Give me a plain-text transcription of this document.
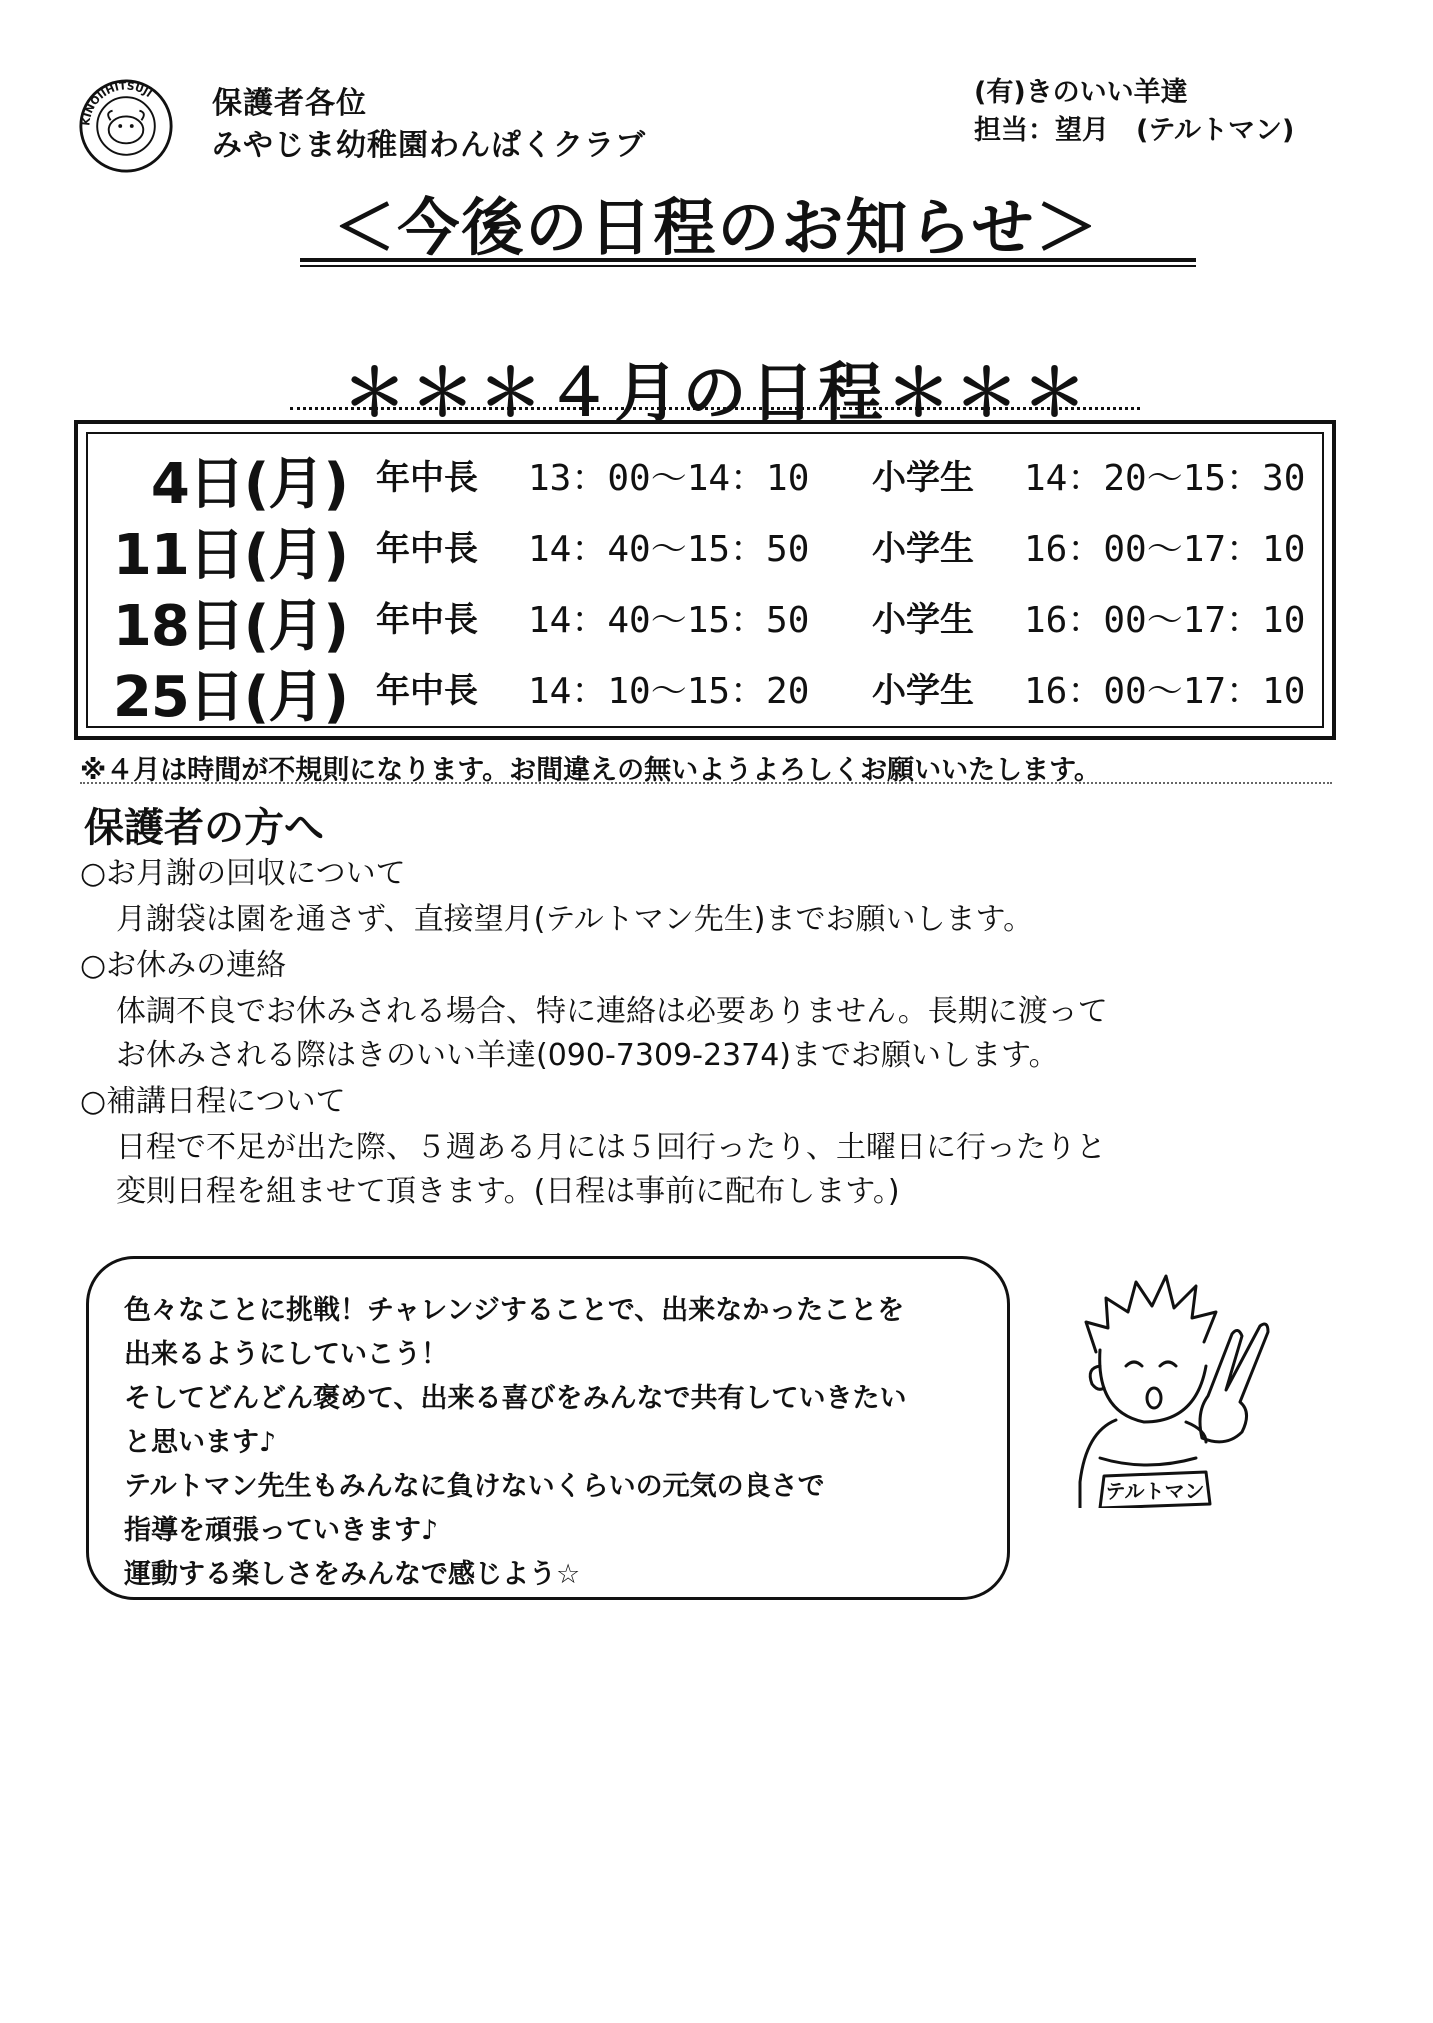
KINOIIHITSUJI 保護者各位
みやじま幼稚園わんぱくクラブ
(有)きのいい羊達
担当：望月　(テルトマン)
＜今後の日程のお知らせ＞
＊＊＊４月の日程＊＊＊
4日(月) 年中長 13：00～14：10 小学生 14：20～15：30
11日(月) 年中長 14：40～15：50 小学生 16：00～17：10
18日(月) 年中長 14：40～15：50 小学生 16：00～17：10
25日(月) 年中長 14：10～15：20 小学生 16：00～17：10
※４月は時間が不規則になります。お間違えの無いようよろしくお願いいたします。
保護者の方へ
○お月謝の回収について
月謝袋は園を通さず、直接望月(テルトマン先生)までお願いします。
○お休みの連絡
体調不良でお休みされる場合、特に連絡は必要ありません。長期に渡って
お休みされる際はきのいい羊達(090-7309-2374)までお願いします。
○補講日程について
日程で不足が出た際、５週ある月には５回行ったり、土曜日に行ったりと
変則日程を組ませて頂きます。(日程は事前に配布します。)
色々なことに挑戦！チャレンジすることで、出来なかったことを
出来るようにしていこう！
そしてどんどん褒めて、出来る喜びをみんなで共有していきたい
と思います♪
テルトマン先生もみんなに負けないくらいの元気の良さで
指導を頑張っていきます♪
運動する楽しさをみんなで感じよう☆
テルトマン
